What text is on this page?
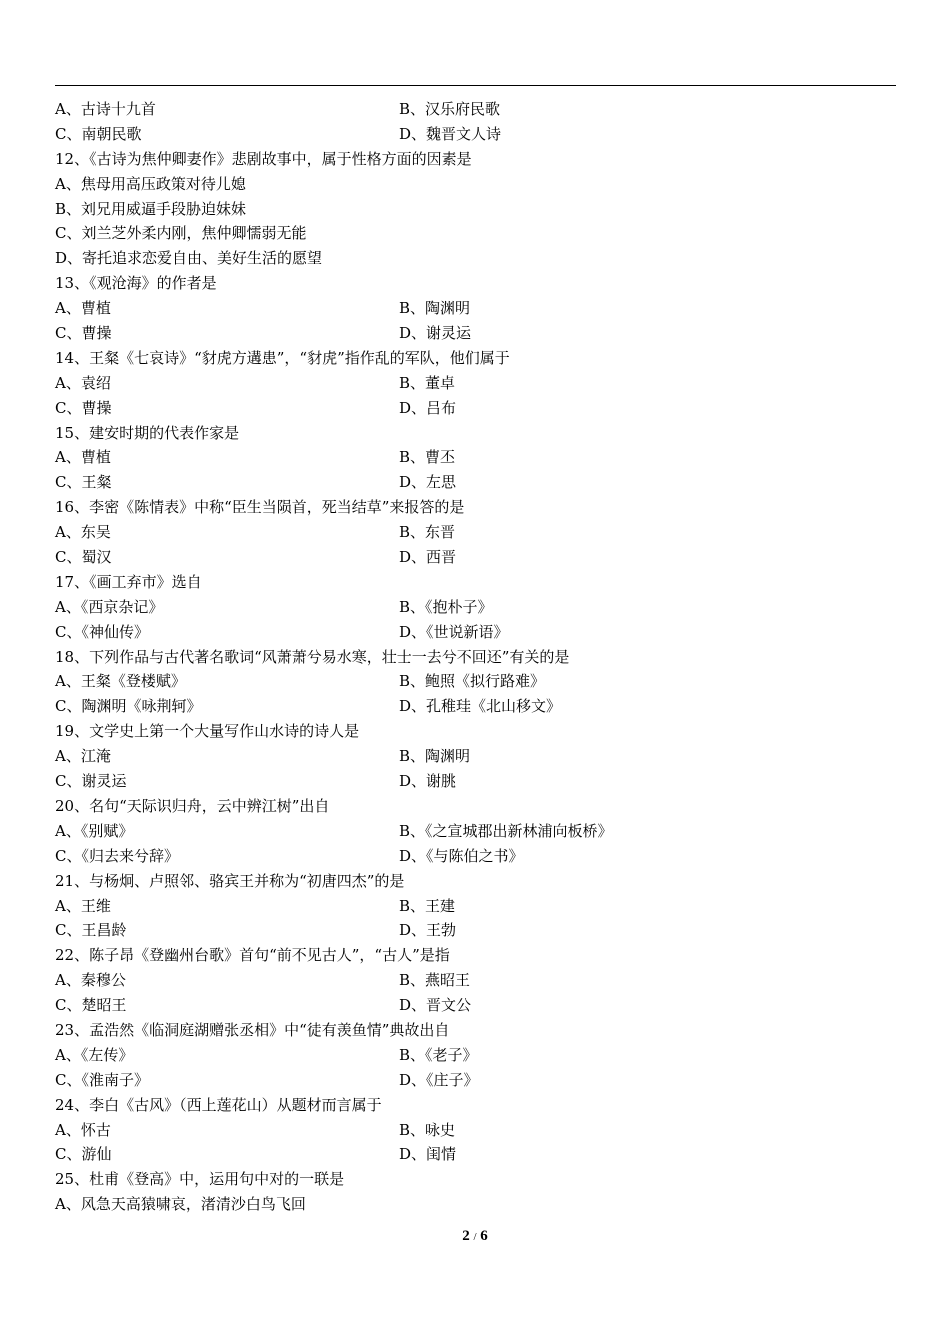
A、古诗十九首	B、汉乐府民歌
C、南朝民歌	D、魏晋文人诗
12、《古诗为焦仲卿妻作》悲剧故事中，属于性格方面的因素是
A、焦母用高压政策对待儿媳
B、刘兄用威逼手段胁迫妹妹
C、刘兰芝外柔内刚，焦仲卿懦弱无能
D、寄托追求恋爱自由、美好生活的愿望
13、《观沧海》的作者是
A、曹植	B、陶渊明
C、曹操	D、谢灵运
14、王粲《七哀诗》“豺虎方遘患”，“豺虎”指作乱的军队，他们属于
A、袁绍	B、董卓
C、曹操	D、吕布
15、建安时期的代表作家是
A、曹植	B、曹丕
C、王粲	D、左思
16、李密《陈情表》中称“臣生当陨首，死当结草”来报答的是
A、东吴	B、东晋
C、蜀汉	D、西晋
17、《画工弃市》选自
A、《西京杂记》	B、《抱朴子》
C、《神仙传》	D、《世说新语》
18、下列作品与古代著名歌词“风萧萧兮易水寒，壮士一去兮不回还”有关的是
A、王粲《登楼赋》	B、鲍照《拟行路难》
C、陶渊明《咏荆轲》	D、孔稚珪《北山移文》
19、文学史上第一个大量写作山水诗的诗人是
A、江淹	B、陶渊明
C、谢灵运	D、谢朓
20、名句“天际识归舟，云中辨江树”出自
A、《别赋》	B、《之宣城郡出新林浦向板桥》
C、《归去来兮辞》	D、《与陈伯之书》
21、与杨炯、卢照邻、骆宾王并称为“初唐四杰”的是
A、王维	B、王建
C、王昌龄	D、王勃
22、陈子昂《登幽州台歌》首句“前不见古人”，“古人”是指
A、秦穆公	B、燕昭王
C、楚昭王	D、晋文公
23、孟浩然《临洞庭湖赠张丞相》中“徒有羡鱼情”典故出自
A、《左传》	B、《老子》
C、《淮南子》	D、《庄子》
24、李白《古风》（西上莲花山）从题材而言属于
A、怀古	B、咏史
C、游仙	D、闺情
25、杜甫《登高》中，运用句中对的一联是
A、风急天高猿啸哀，渚清沙白鸟飞回
2 / 6
